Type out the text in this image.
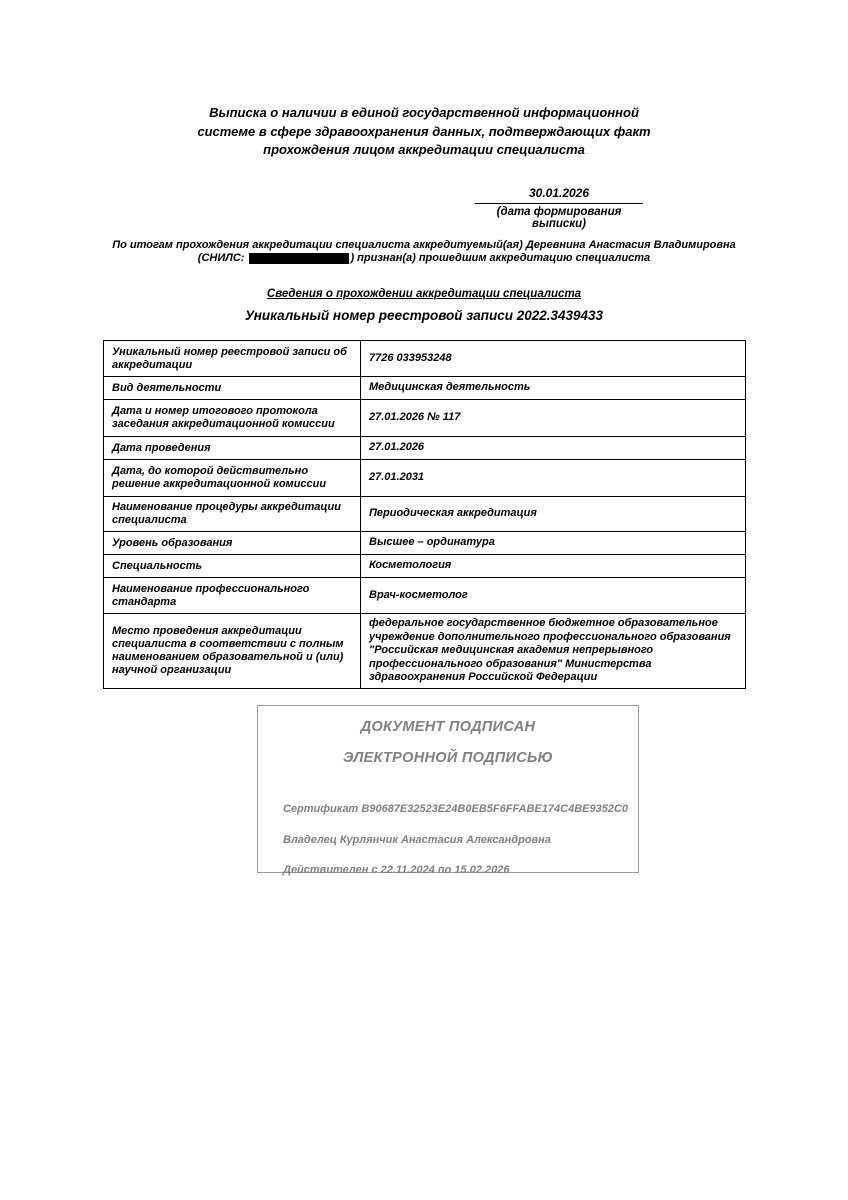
Выписка о наличии в единой государственной информационной
системе в сфере здравоохранения данных, подтверждающих факт
прохождения лицом аккредитации специалиста
30.01.2026
(дата формирования выписки)
По итогам прохождения аккредитации специалиста аккредитуемый(ая) Деревнина Анастасия Владимировна
(СНИЛС:	) признан(а) прошедшим аккредитацию специалиста
Сведения о прохождении аккредитации специалиста
Уникальный номер реестровой записи 2022.3439433
Уникальный номер реестровой записи об аккредитации	7726 033953248
Вид деятельности	Медицинская деятельность
Дата и номер итогового протокола заседания аккредитационной комиссии	27.01.2026 № 117
Дата проведения	27.01.2026
Дата, до которой действительно решение аккредитационной комиссии	27.01.2031
Наименование процедуры аккредитации специалиста	Периодическая аккредитация
Уровень образования	Высшее – ординатура
Специальность	Косметология
Наименование профессионального стандарта	Врач-косметолог
Место проведения аккредитации специалиста в соответствии с полным наименованием образовательной и (или) научной организации	федеральное государственное бюджетное образовательное учреждение дополнительного профессионального образования "Российская медицинская академия непрерывного профессионального образования" Министерства здравоохранения Российской Федерации
ДОКУМЕНТ ПОДПИСАН
ЭЛЕКТРОННОЙ ПОДПИСЬЮ
Сертификат B90687E32523E24B0EB5F6FFABE174C4BE9352C0
Владелец Курлянчик Анастасия Александровна
Действителен с 22.11.2024 по 15.02.2026
